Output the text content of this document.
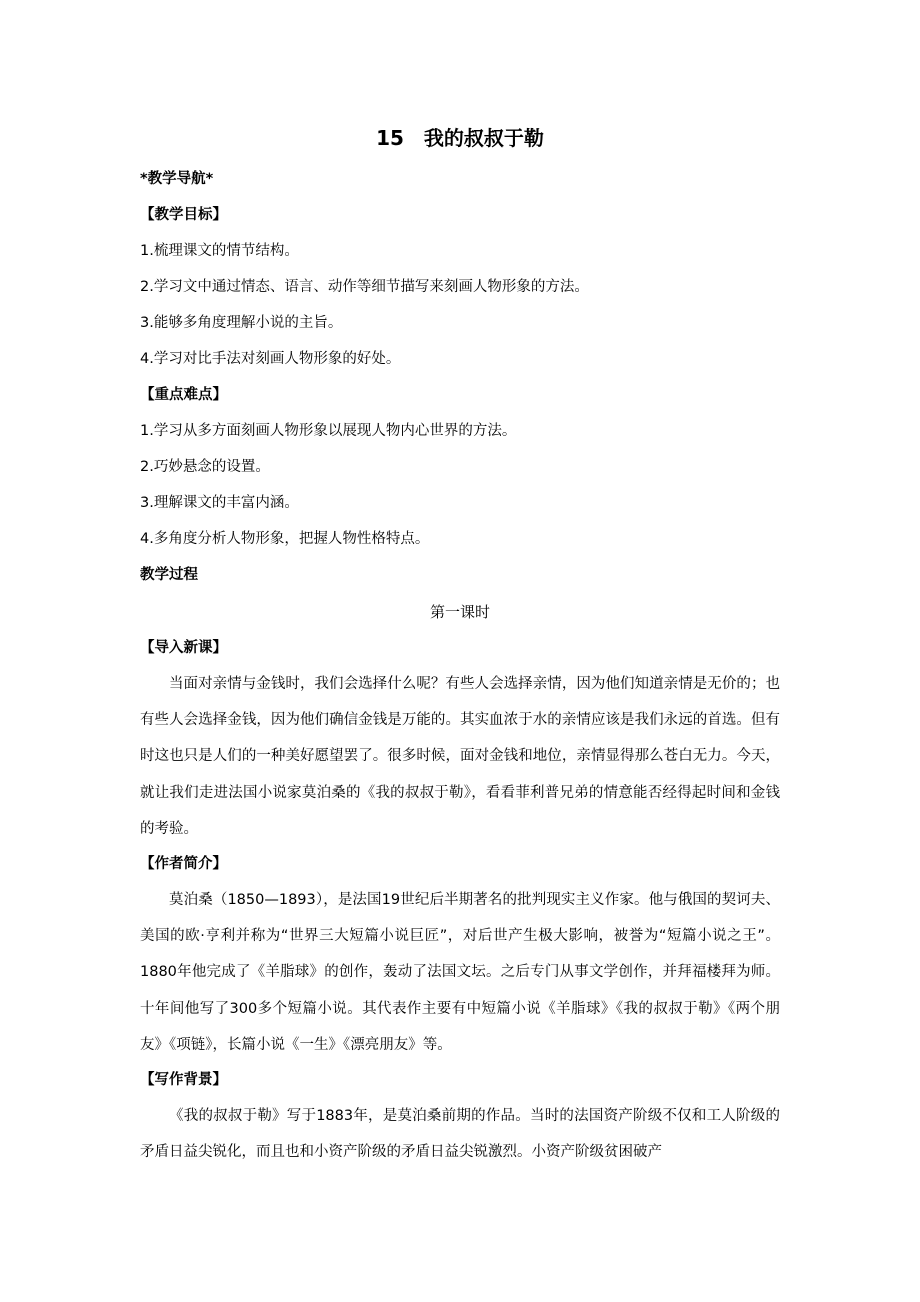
15　我的叔叔于勒
*教学导航*
【教学目标】
1.梳理课文的情节结构。
2.学习文中通过情态、语言、动作等细节描写来刻画人物形象的方法。
3.能够多角度理解小说的主旨。
4.学习对比手法对刻画人物形象的好处。
【重点难点】
1.学习从多方面刻画人物形象以展现人物内心世界的方法。
2.巧妙悬念的设置。
3.理解课文的丰富内涵。
4.多角度分析人物形象，把握人物性格特点。
教学过程
第一课时
【导入新课】
当面对亲情与金钱时，我们会选择什么呢？有些人会选择亲情，因为他们知道亲情是无价的；也有些人会选择金钱，因为他们确信金钱是万能的。其实血浓于水的亲情应该是我们永远的首选。但有时这也只是人们的一种美好愿望罢了。很多时候，面对金钱和地位，亲情显得那么苍白无力。今天，就让我们走进法国小说家莫泊桑的《我的叔叔于勒》，看看菲利普兄弟的情意能否经得起时间和金钱的考验。
【作者简介】
莫泊桑（1850—1893），是法国19世纪后半期著名的批判现实主义作家。他与俄国的契诃夫、美国的欧·亨利并称为“世界三大短篇小说巨匠”，对后世产生极大影响，被誉为“短篇小说之王”。1880年他完成了《羊脂球》的创作，轰动了法国文坛。之后专门从事文学创作，并拜福楼拜为师。十年间他写了300多个短篇小说。其代表作主要有中短篇小说《羊脂球》《我的叔叔于勒》《两个朋友》《项链》，长篇小说《一生》《漂亮朋友》等。
【写作背景】
《我的叔叔于勒》写于1883年，是莫泊桑前期的作品。当时的法国资产阶级不仅和工人阶级的矛盾日益尖锐化，而且也和小资产阶级的矛盾日益尖锐激烈。小资产阶级贫困破产
